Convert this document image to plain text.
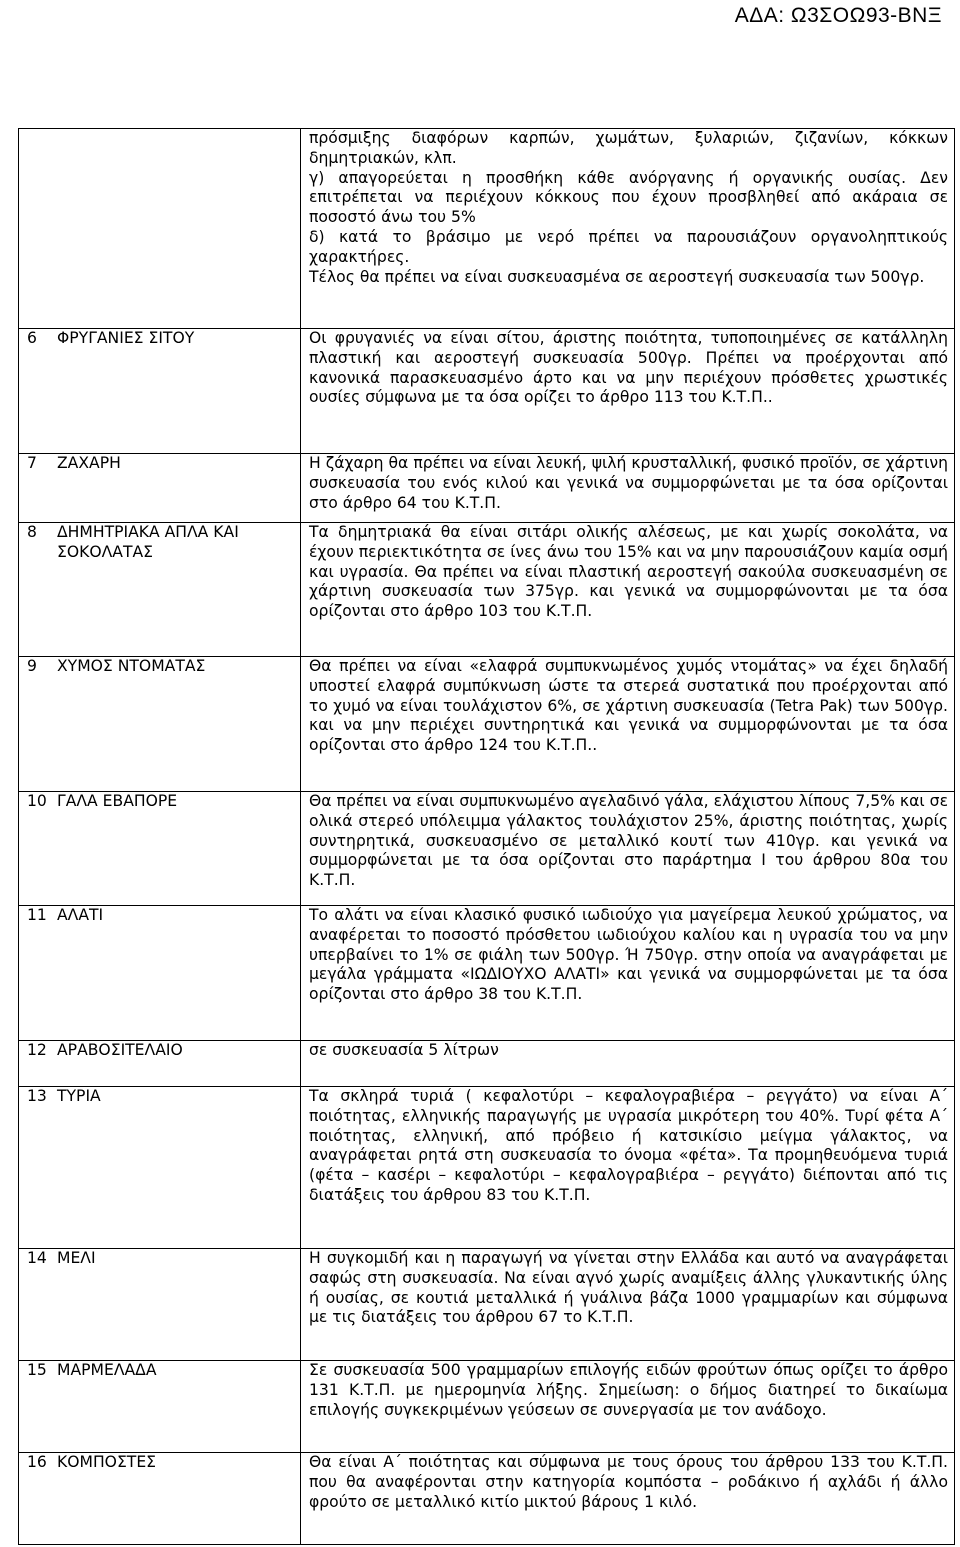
ΑΔΑ: Ω3ΣΟΩ93-ΒΝΞ

	πρόσμιξης διαφόρων καρπών, χωμάτων, ξυλαριών, ζιζανίων, κόκκων δημητριακών, κλπ.

γ) απαγορεύεται η προσθήκη κάθε ανόργανης ή οργανικής ουσίας. Δεν επιτρέπεται να περιέχουν κόκκους που έχουν προσβληθεί από ακάραια σε ποσοστό άνω του 5%

δ) κατά το βράσιμο με νερό πρέπει να παρουσιάζουν οργανοληπτικούς χαρακτήρες.

Τέλος θα πρέπει να είναι συσκευασμένα σε αεροστεγή συσκευασία των 500γρ.

6 ΦΡΥΓΑΝΙΕΣ ΣΙΤΟΥ	Οι φρυγανιές να είναι σίτου, άριστης ποιότητα, τυποποιημένες σε κατάλληλη πλαστική και αεροστεγή συσκευασία 500γρ. Πρέπει να προέρχονται από κανονικά παρασκευασμένο άρτο και να μην περιέχουν πρόσθετες χρωστικές ουσίες σύμφωνα με τα όσα ορίζει το άρθρο 113 του Κ.Τ.Π..

7 ΖΑΧΑΡΗ	Η ζάχαρη θα πρέπει να είναι λευκή, ψιλή κρυσταλλική, φυσικό προϊόν, σε χάρτινη συσκευασία του ενός κιλού και γενικά να συμμορφώνεται με τα όσα ορίζονται στο άρθρο 64 του Κ.Τ.Π.

8 ΔΗΜΗΤΡΙΑΚΑ ΑΠΛΑ ΚΑΙ ΣΟΚΟΛΑΤΑΣ	Τα δημητριακά θα είναι σιτάρι ολικής αλέσεως, με και χωρίς σοκολάτα, να έχουν περιεκτικότητα σε ίνες άνω του 15% και να μην παρουσιάζουν καμία οσμή και υγρασία. Θα πρέπει να είναι πλαστική αεροστεγή σακούλα συσκευασμένη σε χάρτινη συσκευασία των 375γρ. και γενικά να συμμορφώνονται με τα όσα ορίζονται στο άρθρο 103 του Κ.Τ.Π.

9 ΧΥΜΟΣ ΝΤΟΜΑΤΑΣ	Θα πρέπει να είναι «ελαφρά συμπυκνωμένος χυμός ντομάτας» να έχει δηλαδή υποστεί ελαφρά συμπύκνωση ώστε τα στερεά συστατικά που προέρχονται από το χυμό να είναι τουλάχιστον 6%, σε χάρτινη συσκευασία (Tetra Pak) των 500γρ. και να μην περιέχει συντηρητικά και γενικά να συμμορφώνονται με τα όσα ορίζονται στο άρθρο 124 του Κ.Τ.Π..

10 ΓΑΛΑ ΕΒΑΠΟΡΕ	Θα πρέπει να είναι συμπυκνωμένο αγελαδινό γάλα, ελάχιστου λίπους 7,5% και σε ολικά στερεό υπόλειμμα γάλακτος τουλάχιστον 25%, άριστης ποιότητας, χωρίς συντηρητικά, συσκευασμένο σε μεταλλικό κουτί των 410γρ. και γενικά να συμμορφώνεται με τα όσα ορίζονται στο παράρτημα Ι του άρθρου 80α του Κ.Τ.Π.

11 ΑΛΑΤΙ	Το αλάτι να είναι κλασικό φυσικό ιωδιούχο για μαγείρεμα λευκού χρώματος, να αναφέρεται το ποσοστό πρόσθετου ιωδιούχου καλίου και η υγρασία του να μην υπερβαίνει το 1% σε φιάλη των 500γρ. Ή 750γρ. στην οποία να αναγράφεται με μεγάλα γράμματα «ΙΩΔΙΟΥΧΟ ΑΛΑΤΙ» και γενικά να συμμορφώνεται με τα όσα ορίζονται στο άρθρο 38 του Κ.Τ.Π.

12 ΑΡΑΒΟΣΙΤΕΛΑΙΟ	σε συσκευασία 5 λίτρων

13 ΤΥΡΙΑ	Τα σκληρά τυριά ( κεφαλοτύρι – κεφαλογραβιέρα – ρεγγάτο) να είναι Α΄ ποιότητας, ελληνικής παραγωγής με υγρασία μικρότερη του 40%. Τυρί φέτα Α΄ ποιότητας, ελληνική, από πρόβειο ή κατσικίσιο μείγμα γάλακτος, να αναγράφεται ρητά στη συσκευασία το όνομα «φέτα». Τα προμηθευόμενα τυριά (φέτα – κασέρι – κεφαλοτύρι – κεφαλογραβιέρα – ρεγγάτο) διέπονται από τις διατάξεις του άρθρου 83 του Κ.Τ.Π.

14 ΜΕΛΙ	Η συγκομιδή και η παραγωγή να γίνεται στην Ελλάδα και αυτό να αναγράφεται σαφώς στη συσκευασία. Να είναι αγνό χωρίς αναμίξεις άλλης γλυκαντικής ύλης ή ουσίας, σε κουτιά μεταλλικά ή γυάλινα βάζα 1000 γραμμαρίων και σύμφωνα με τις διατάξεις του άρθρου 67 το Κ.Τ.Π.

15 ΜΑΡΜΕΛΑΔΑ	Σε συσκευασία 500 γραμμαρίων επιλογής ειδών φρούτων όπως ορίζει το άρθρο 131 Κ.Τ.Π. με ημερομηνία λήξης. Σημείωση: ο δήμος διατηρεί το δικαίωμα επιλογής συγκεκριμένων γεύσεων σε συνεργασία με τον ανάδοχο.

16 ΚΟΜΠΟΣΤΕΣ	Θα είναι Α΄ ποιότητας και σύμφωνα με τους όρους του άρθρου 133 του Κ.Τ.Π. που θα αναφέρονται στην κατηγορία κομπόστα – ροδάκινο ή αχλάδι ή άλλο φρούτο σε μεταλλικό κιτίο μικτού βάρους 1 κιλό.
